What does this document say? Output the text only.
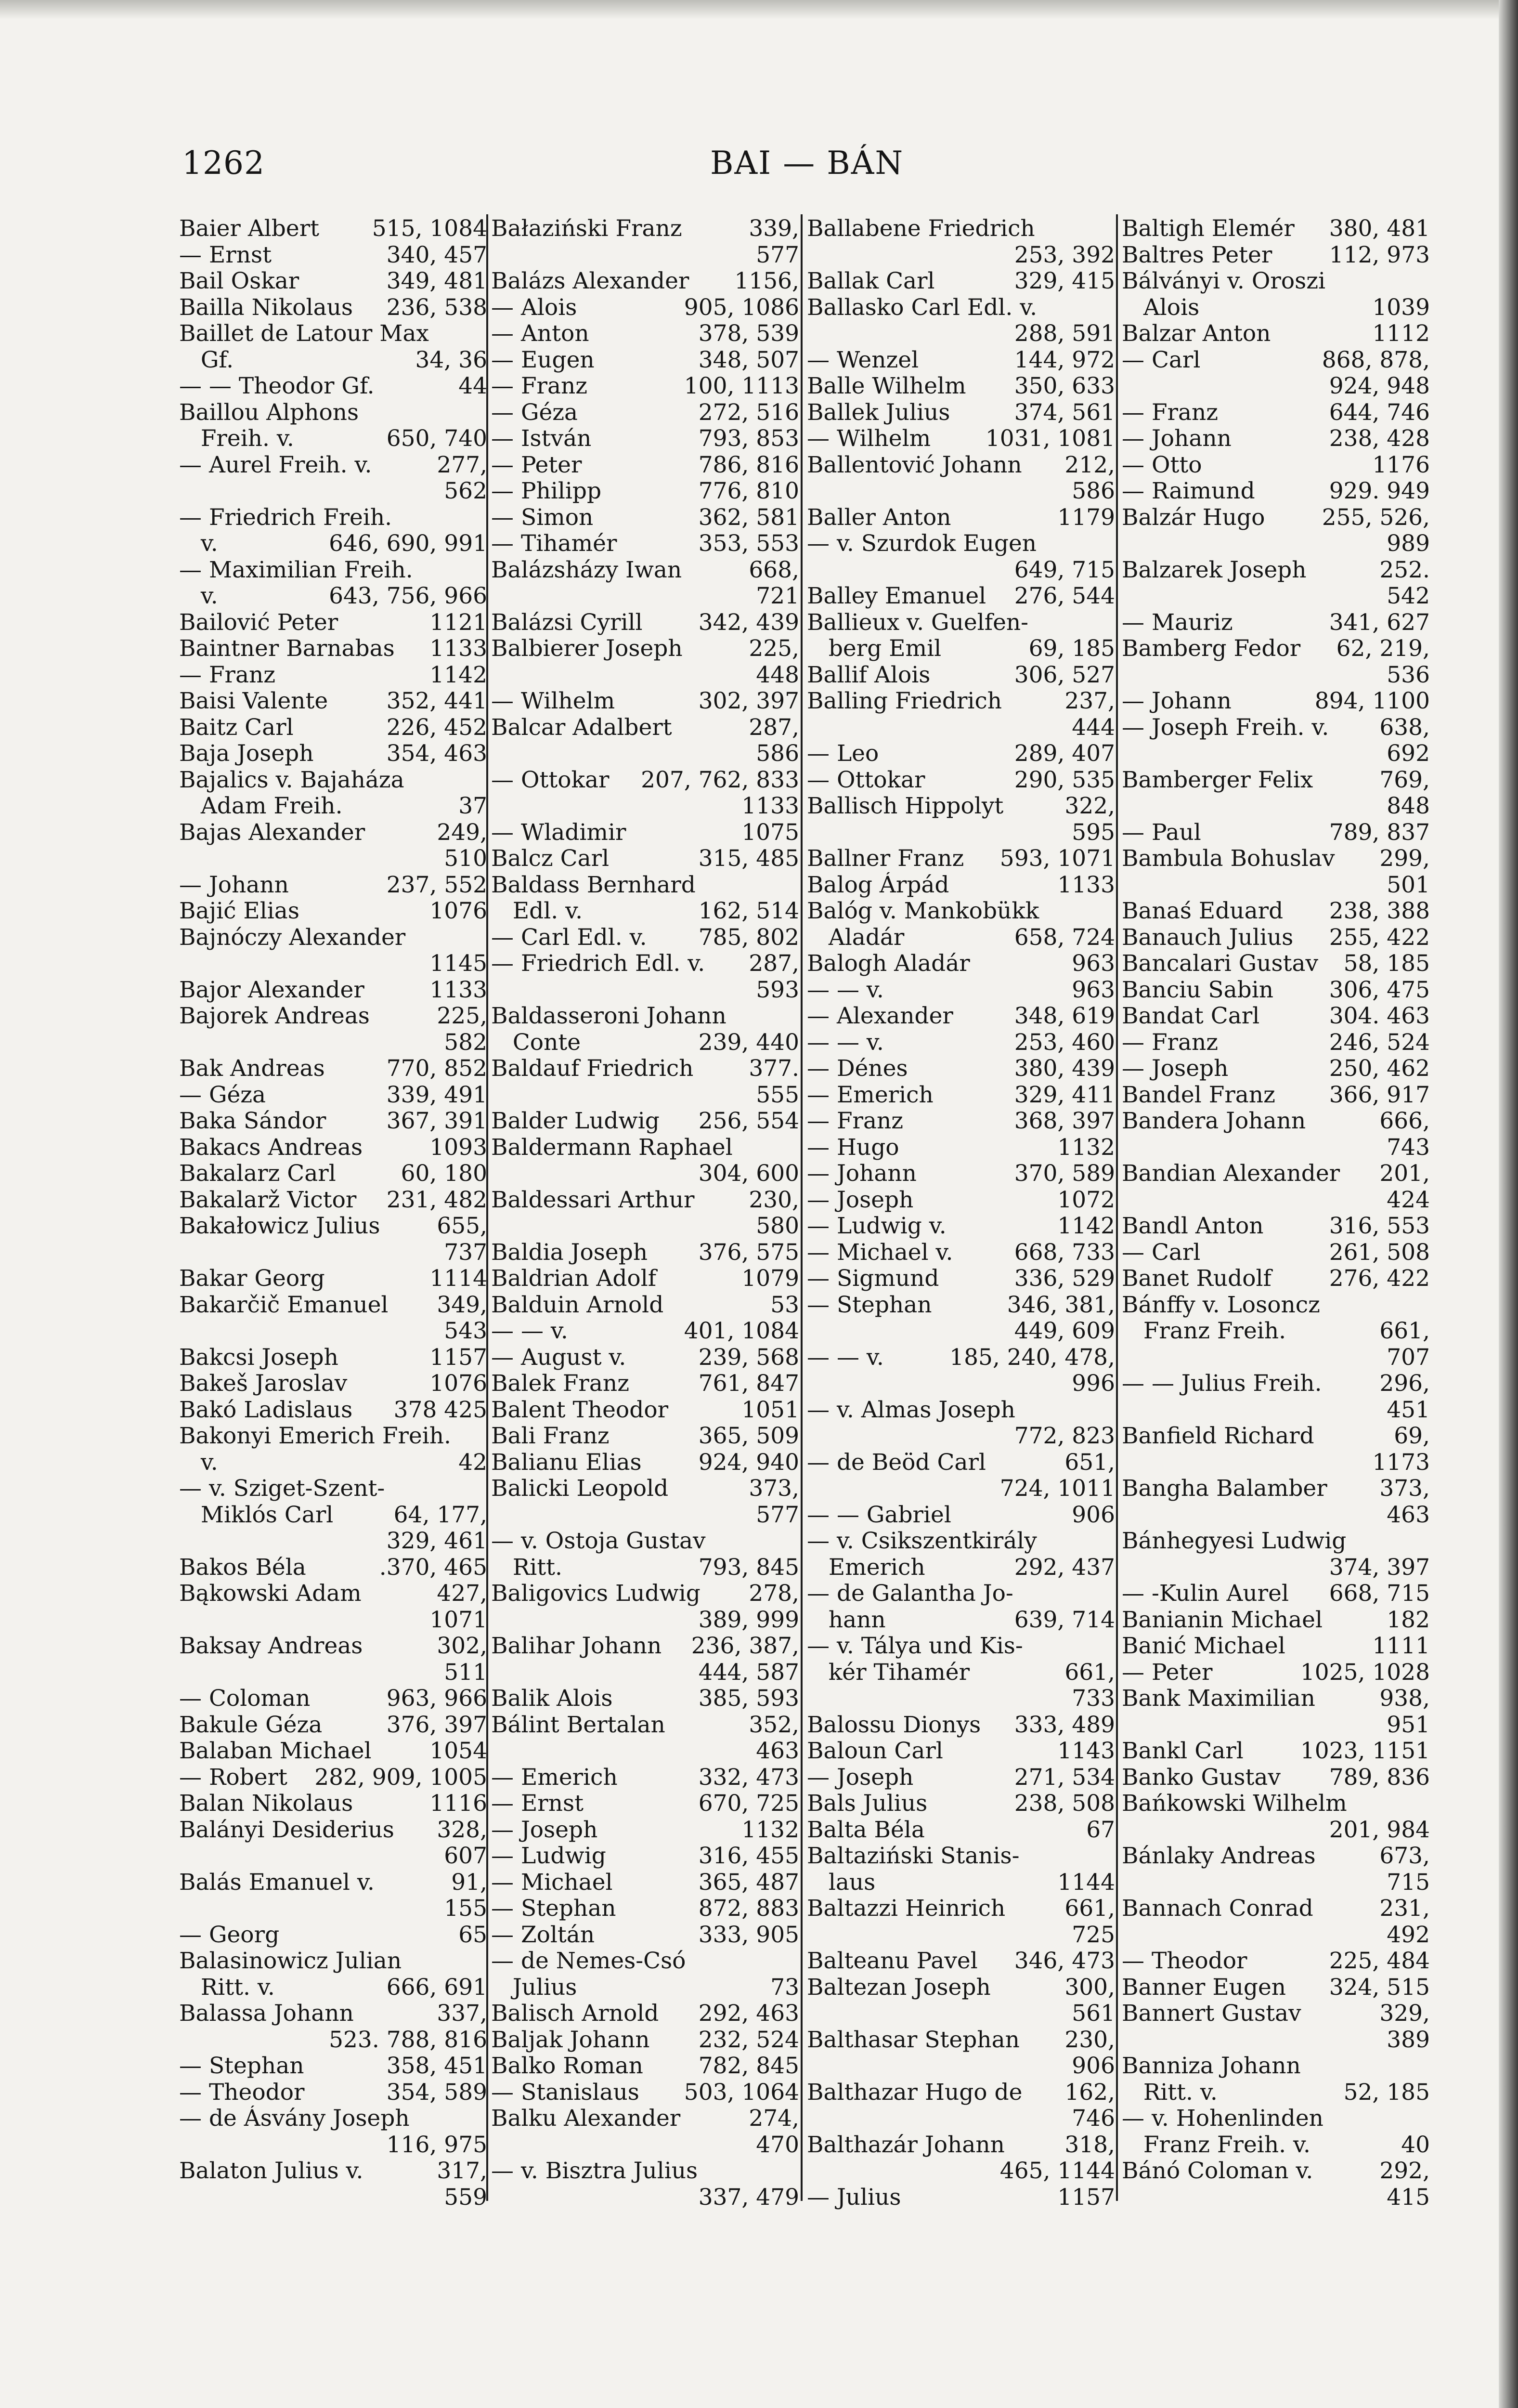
1262	BAI — BÁN
Baier Albert 515, 1084
— Ernst	340, 457
Bail Oskar	349, 481
Bailla Nikolaus 236, 538
Baillet de Latour Max
Gf.	34, 36
— — Theodor Gf.	44
Baillou Alphons
Freih. v.	650, 740
— Aurel Freih. v.	277,
562
— Friedrich Freih.
v.	646, 690, 991
— Maximilian Freih.
v.	643, 756, 966
Bailović Peter	1121
Baintner Barnabas 1133
— Franz	1142
Baisi Valente	352, 441
Baitz Carl	226, 452
Baja Joseph	354, 463
Bajalics v. Bajaháza
Adam Freih.	37
Bajas Alexander	249,
510
— Johann	237, 552
Bajić Elias	1076
Bajnóczy Alexander
1145
Bajor Alexander	1133
Bajorek Andreas	225,
582
Bak Andreas	770, 852
— Géza	339, 491
Baka Sándor	367, 391
Bakacs Andreas	1093
Bakalarz Carl	60, 180
Bakalarž Victor 231, 482
Bakałowicz Julius	655,
737
Bakar Georg	1114
Bakarčič Emanuel 349,
543
Bakcsi Joseph	1157
Bakeš Jaroslav	1076
Bakó Ladislaus 378 425
Bakonyi Emerich Freih.
v.	42
— v. Sziget-Szent-
Miklós Carl	64, 177,
329, 461
Bakos Béla	.370, 465
Bąkowski Adam	427,
1071
Baksay Andreas	302,
511
— Coloman	963, 966
Bakule Géza	376, 397
Balaban Michael	1054
— Robert 282, 909, 1005
Balan Nikolaus	1116
Balányi Desiderius 328,
607
Balás Emanuel v.	91,
155
— Georg	65
Balasinowicz Julian
Ritt. v.	666, 691
Balassa Johann	337,
523. 788, 816
— Stephan	358, 451
— Theodor	354, 589
— de Ásvány Joseph
116, 975
Balaton Julius v.	317,
559
Bałaziński Franz	339,
577
Balázs Alexander 1156,
— Alois	905, 1086
— Anton	378, 539
— Eugen	348, 507
— Franz	100, 1113
— Géza	272, 516
— István	793, 853
— Peter	786, 816
— Philipp	776, 810
— Simon	362, 581
— Tihamér	353, 553
Balázsházy Iwan	668,
721
Balázsi Cyrill 342, 439
Balbierer Joseph	225,
448
— Wilhelm	302, 397
Balcar Adalbert	287,
586
— Ottokar 207, 762, 833
1133
— Wladimir	1075
Balcz Carl	315, 485
Baldass Bernhard
Edl. v.	162, 514
— Carl Edl. v. 785, 802
— Friedrich Edl. v. 287,
593
Baldasseroni Johann
Conte	239, 440
Baldauf Friedrich 377.
555
Balder Ludwig 256, 554
Baldermann Raphael
304, 600
Baldessari Arthur 230,
580
Baldia Joseph 376, 575
Baldrian Adolf	1079
Balduin Arnold	53
— — v.	401, 1084
— August v.	239, 568
Balek Franz	761, 847
Balent Theodor	1051
Bali Franz	365, 509
Balianu Elias	924, 940
Balicki Leopold	373,
577
— v. Ostoja Gustav
Ritt.	793, 845
Baligovics Ludwig 278,
389, 999
Balihar Johann 236, 387,
444, 587
Balik Alois	385, 593
Bálint Bertalan	352,
463
— Emerich	332, 473
— Ernst	670, 725
— Joseph	1132
— Ludwig	316, 455
— Michael	365, 487
— Stephan	872, 883
— Zoltán	333, 905
— de Nemes-Csó
Julius	73
Balisch Arnold 292, 463
Baljak Johann 232, 524
Balko Roman 782, 845
— Stanislaus 503, 1064
Balku Alexander	274,
470
— v. Bisztra Julius
337, 479
Ballabene Friedrich
253, 392
Ballak Carl	329, 415
Ballasko Carl Edl. v.
288, 591
— Wenzel	144, 972
Balle Wilhelm 350, 633
Ballek Julius	374, 561
— Wilhelm 1031, 1081
Ballentović Johann 212,
586
Baller Anton	1179
— v. Szurdok Eugen
649, 715
Balley Emanuel 276, 544
Ballieux v. Guelfen-
berg Emil	69, 185
Ballif Alois	306, 527
Balling Friedrich	237,
444
— Leo	289, 407
— Ottokar	290, 535
Ballisch Hippolyt	322,
595
Ballner Franz 593, 1071
Balog Árpád	1133
Balóg v. Mankobükk
Aladár	658, 724
Balogh Aladár	963
— — v.	963
— Alexander	348, 619
— — v.	253, 460
— Dénes	380, 439
— Emerich	329, 411
— Franz	368, 397
— Hugo	1132
— Johann	370, 589
— Joseph	1072
— Ludwig v.	1142
— Michael v.	668, 733
— Sigmund	336, 529
— Stephan	346, 381,
449, 609
— — v.	185, 240, 478,
996
— v. Almas Joseph
772, 823
— de Beöd Carl	651,
724, 1011
— — Gabriel	906
— v. Csikszentkirály
Emerich	292, 437
— de Galantha Jo-
hann	639, 714
— v. Tálya und Kis-
kér Tihamér	661,
733
Balossu Dionys 333, 489
Baloun Carl	1143
— Joseph	271, 534
Bals Julius	238, 508
Balta Béla	67
Baltaziński Stanis-
laus	1144
Baltazzi Heinrich	661,
725
Balteanu Pavel 346, 473
Baltezan Joseph	300,
561
Balthasar Stephan 230,
906
Balthazar Hugo de 162,
746
Balthazár Johann	318,
465, 1144
— Julius	1157
Baltigh Elemér 380, 481
Baltres Peter	112, 973
Bálványi v. Oroszi
Alois	1039
Balzar Anton	1112
— Carl	868, 878,
924, 948
— Franz	644, 746
— Johann	238, 428
— Otto	1176
— Raimund	929. 949
Balzár Hugo	255, 526,
989
Balzarek Joseph	252.
542
— Mauriz	341, 627
Bamberg Fedor 62, 219,
536
— Johann	894, 1100
— Joseph Freih. v. 638,
692
Bamberger Felix	769,
848
— Paul	789, 837
Bambula Bohuslav 299,
501
Banaś Eduard 238, 388
Banauch Julius 255, 422
Bancalari Gustav 58, 185
Banciu Sabin 306, 475
Bandat Carl	304. 463
— Franz	246, 524
— Joseph	250, 462
Bandel Franz 366, 917
Bandera Johann	666,
743
Bandian Alexander 201,
424
Bandl Anton	316, 553
— Carl	261, 508
Banet Rudolf	276, 422
Bánffy v. Losoncz
Franz Freih.	661,
707
— — Julius Freih.	296,
451
Banfield Richard	69,
1173
Bangha Balamber 373,
463
Bánhegyesi Ludwig
374, 397
— -Kulin Aurel 668, 715
Banianin Michael	182
Banić Michael	1111
— Peter	1025, 1028
Bank Maximilian	938,
951
Bankl Carl	1023, 1151
Banko Gustav 789, 836
Bańkowski Wilhelm
201, 984
Bánlaky Andreas	673,
715
Bannach Conrad	231,
492
— Theodor	225, 484
Banner Eugen 324, 515
Bannert Gustav	329,
389
Banniza Johann
Ritt. v.	52, 185
— v. Hohenlinden
Franz Freih. v.	40
Bánó Coloman v.	292,
415
